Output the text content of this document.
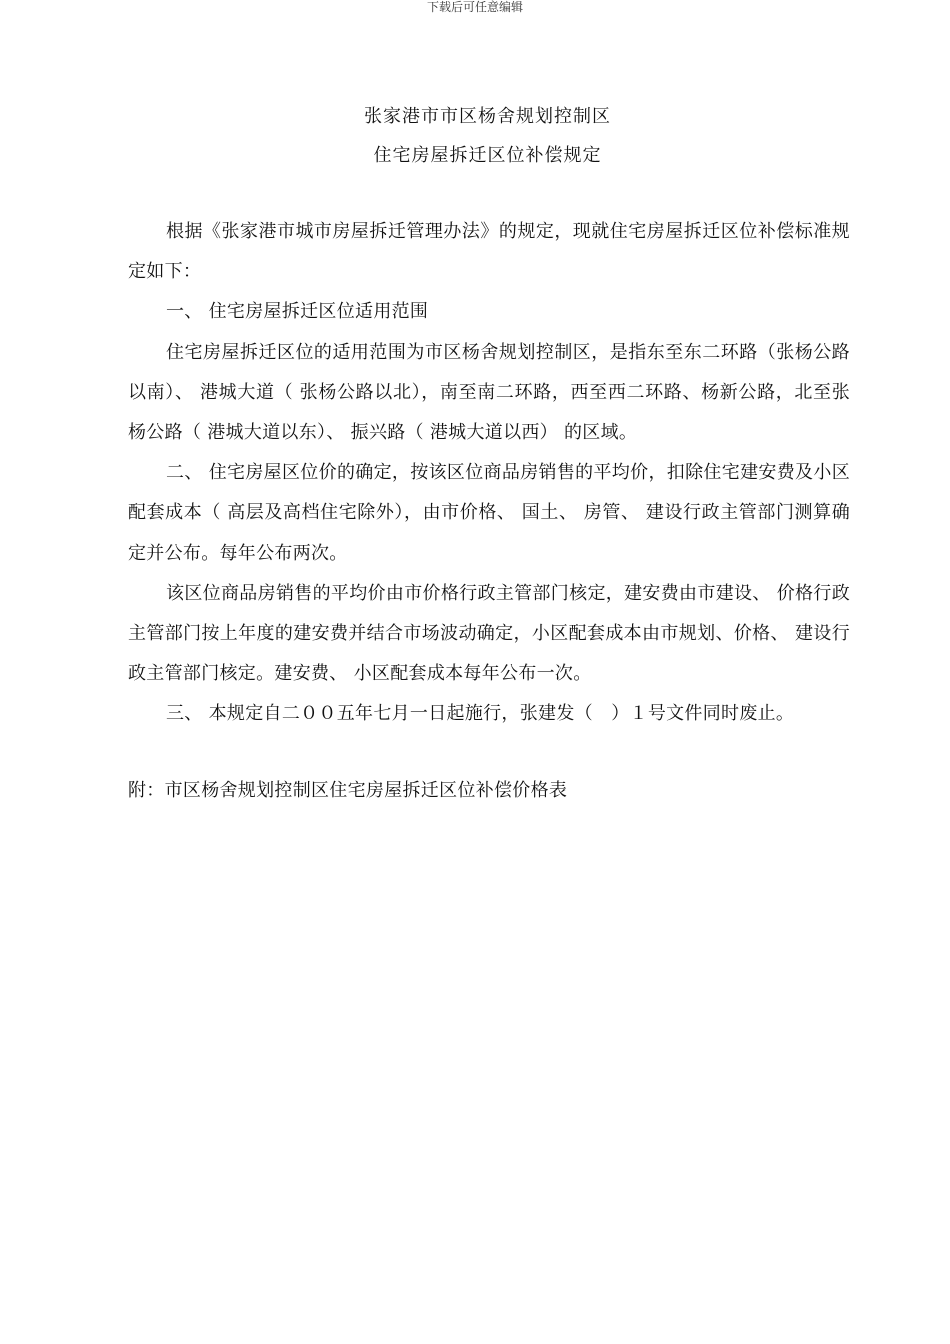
下载后可任意编辑
张家港市市区杨舍规划控制区
住宅房屋拆迁区位补偿规定

根据《张家港市城市房屋拆迁管理办法》的规定，现就住宅房屋拆迁区位补偿标准规定如下：

一、 住宅房屋拆迁区位适用范围

住宅房屋拆迁区位的适用范围为市区杨舍规划控制区，是指东至东二环路（张杨公路以南）、 港城大道（ 张杨公路以北），南至南二环路，西至西二环路、杨新公路，北至张杨公路（ 港城大道以东）、 振兴路（ 港城大道以西） 的区域。

二、 住宅房屋区位价的确定，按该区位商品房销售的平均价，扣除住宅建安费及小区配套成本（ 高层及高档住宅除外），由市价格、 国土、 房管、 建设行政主管部门测算确定并公布。每年公布两次。

该区位商品房销售的平均价由市价格行政主管部门核定，建安费由市建设、 价格行政主管部门按上年度的建安费并结合市场波动确定，小区配套成本由市规划、价格、 建设行政主管部门核定。建安费、 小区配套成本每年公布一次。

三、 本规定自二００五年七月一日起施行，张建发（　）１号文件同时废止。

附：市区杨舍规划控制区住宅房屋拆迁区位补偿价格表
